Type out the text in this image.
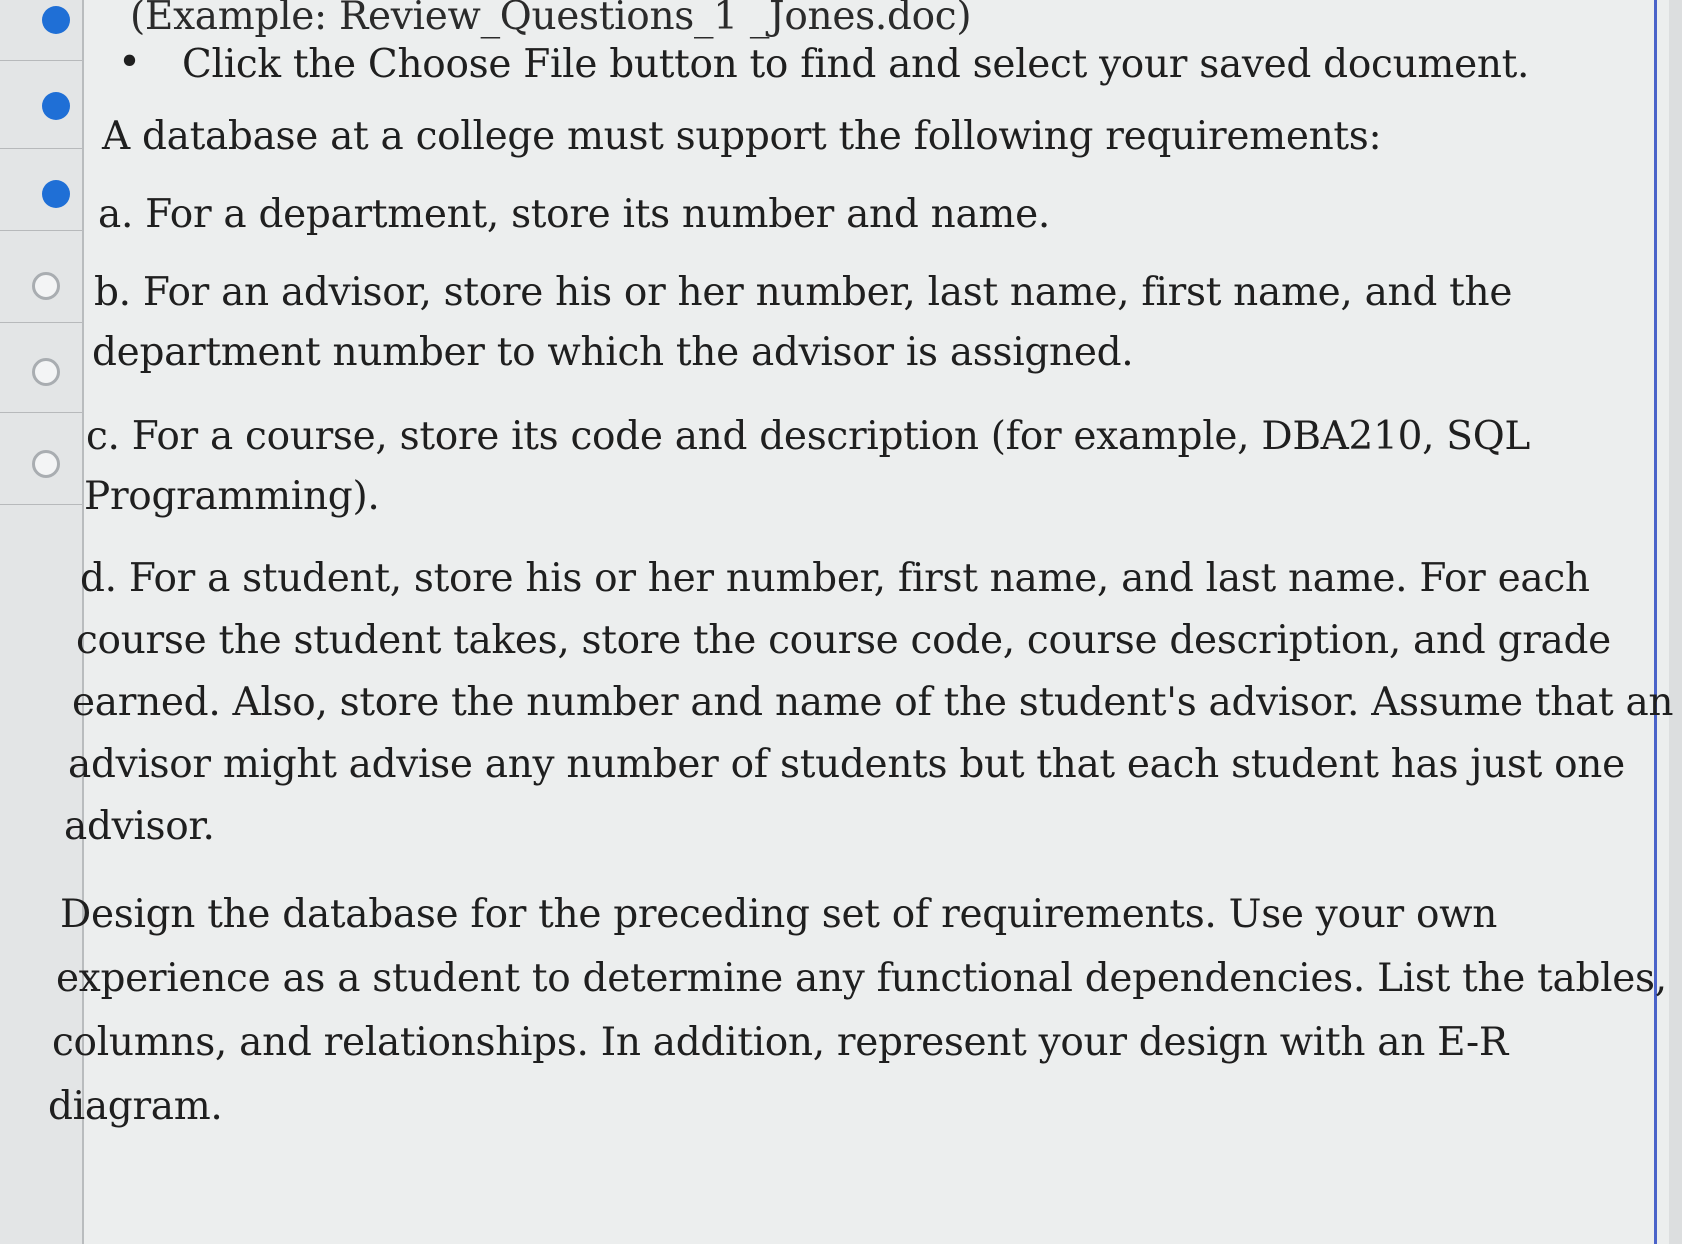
(Example: Review_Questions_1 _Jones.doc)
• Click the Choose File button to find and select your saved document.
A database at a college must support the following requirements:
a. For a department, store its number and name.
b. For an advisor, store his or her number, last name, first name, and the
department number to which the advisor is assigned.
c. For a course, store its code and description (for example, DBA210, SQL
Programming).
d. For a student, store his or her number, first name, and last name. For each
course the student takes, store the course code, course description, and grade
earned. Also, store the number and name of the student's advisor. Assume that an
advisor might advise any number of students but that each student has just one
advisor.
Design the database for the preceding set of requirements. Use your own
experience as a student to determine any functional dependencies. List the tables,
columns, and relationships. In addition, represent your design with an E-R
diagram.
